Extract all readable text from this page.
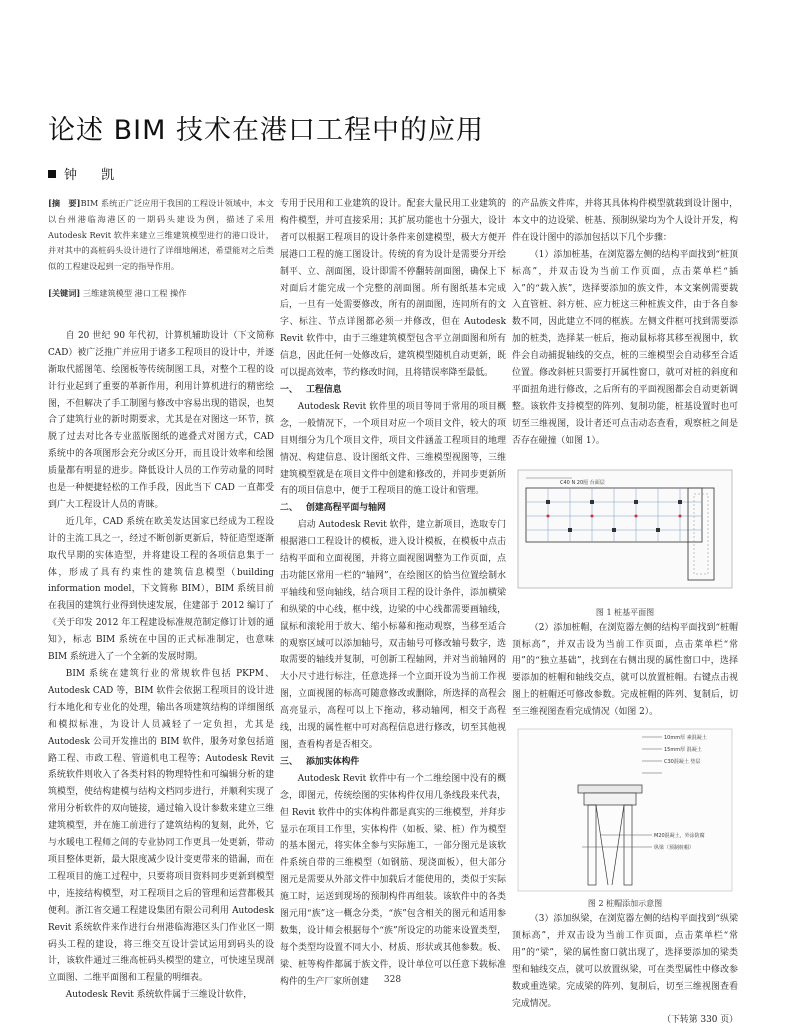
论述 BIM 技术在港口工程中的应用
钟 凯

[摘　要]BIM 系统正广泛应用于我国的工程设计领域中，本文以台州港临海港区的一期码头建设为例，描述了采用 Autodesk Revit 软件来建立三维建筑模型进行的港口设计，并对其中的高桩码头设计进行了详细地阐述，希望能对之后类似的工程建设起到一定的指导作用。

[关键词] 三维建筑模型 港口工程 操作

自 20 世纪 90 年代初，计算机辅助设计（下文简称 CAD）被广泛推广并应用于诸多工程项目的设计中，并逐渐取代摇图笔、绘图板等传统制图工具，对整个工程的设计行业起到了重要的革新作用，利用计算机进行的精密绘图，不但解决了手工制图与修改中容易出现的错误，也契合了建筑行业的新时期要求，尤其是在对图这一环节，摈脱了过去对比各专业蓝版图纸的遮叠式对图方式，CAD 系统中的各项图形会充分或区分开，而且设计效率和绘图质量都有明显的进步。降低设计人员的工作劳动量的同时也是一种便捷轻松的工作手段，因此当下 CAD 一直都受到广大工程设计人员的青睐。

近几年，CAD 系统在欧美发达国家已经成为工程设计的主流工具之一，经过不断创新更新后，特征造型逐渐取代早期的实体造型，并将建设工程的各项信息集于一体，形成了具有约束性的建筑信息模型（building information model，下文简称 BIM），BIM 系统目前在我国的建筑行业得到快速发展，住建部于 2012 编订了《关于印发 2012 年工程建设标准规范制定修订计划的通知》，标志 BIM 系统在中国的正式标准制定，也意味 BIM 系统进入了一个全新的发展时期。

BIM 系统在建筑行业的常规软件包括 PKPM、Autodesk CAD 等，BIM 软件会依据工程项目的设计进行本地化和专业化的处理，输出各项建筑结构的详细图纸和模拟标准，为设计人员减轻了一定负担，尤其是 Autodesk 公司开发推出的 BIM 软件，服务对象包括道路工程、市政工程、管道机电工程等；Autodesk Revit 系统软件则收入了各类村料的物理特性和可编辑分析的建筑模型，使结构建模与结构文档同步进行，并顺利实现了常用分析软件的双向链接，通过输入设计参数来建立三维建筑模型，并在施工前进行了建筑结构的复刻，此外，它与水暖电工程师之间的专业协同工作更具一处更新，带动项目整体更新，最大限度减少设计变更带来的错漏，而在工程项目的施工过程中，只要将项目资料同步更新到模型中，连接结构模型，对工程项目之后的管理和运营都极其便利。浙江省交通工程建设集团有限公司利用 Autodesk Revit 系统软件来作进行台州港临海港区头门作业区一期码头工程的建设，将三维交互设计尝试运用到码头的设计，该软件通过三维高桩码头模型的建立，可快速呈现剖立面图、二维平面图和工程量的明细表。

Autodesk Revit 系统软件属于三维设计软件，

专用于民用和工业建筑的设计。配套大量民用工业建筑的构件模型，并可直接采用；其扩展功能也十分强大，设计者可以根据工程项目的设计条件来创建模型，极大方便开展港口工程的施工图设计。传统的育为设计是需要分开绘制平、立、剖面图，设计即需不停翻转剖面图，确保上下对面后才能完成一个完整的剖面图。所有图纸基本完成后，一旦有一处需要修改，所有的剖面图，连同所有的文字、标注、节点详图都必须一并修改，但在 Autodesk Revit 软件中，由于三维建筑模型包含平立剖面图和所有信息，因此任何一处修改后，建筑模型随机自动更新，既可以提高效率，节约修改时间，且将错误率降至最低。

一、 工程信息

Autodesk Revit 软件里的项目等同于常用的项目概念，一般情况下，一个项目对应一个项目文件，较大的项目则细分为几个项目文件，项目文件涵盖工程项目的地理情况、构建信息、设计图纸文件、三维模型视图等，三维建筑模型就是在项目文件中创建和修改的，并同步更新所有的项目信息中，便于工程项目的施工设计和管理。

二、 创建高程平面与轴网

启动 Autodesk Revit 软件，建立新项目，选取专门根据港口工程设计的模板，进入设计模板，在模板中点击结构平面和立面视图，并将立面视图调整为工作页面，点击功能区常用一栏的“轴网”，在绘图区的恰当位置绘制水平轴线和竖向轴线，结合项目工程的设计条件，添加横梁和纵梁的中心线，框中线，边梁的中心线都需要画轴线，鼠标和滚轮用于放大、缩小标幕和拖动观察，当移至适合的观察区域可以添加轴号，双击轴号可修改轴号数字，选取需要的轴线并复制，可创新工程轴网，并对当前轴网的大小尺寸进行标注，任意选择一个立面开设为当前工作视图，立面视图的标高可随意修改或删除，所选择的高程会高亮显示，高程可以上下拖动，移动轴网，相交于高程线，出现的属性框中可对高程信息进行修改，切至其他视图，查看构者是否相交。

三、 添加实体构件

Autodesk Revit 软件中有一个二维绘图中没有的概念，即图元，传统绘图的实体构件仅用几条线段来代表，但 Revit 软件中的实体构件都是真实的三维模型，并拜步显示在项目工作里，实体构件（如板、梁、桩）作为模型的基本图元，将实体全参与实际施工，一部分图元是该软件系统自带的三维模型（如钢筋、现浇面板），但大部分图元是需要从外部文件中加载后才能使用的，类似于实际施工时，运送到现场的预制构件再组装。该软件中的各类图元用“族”这一概念分类，“族”包含相关的图元和适用参数集，设计师会根据每个“族”所设定的功能来设置类型，每个类型均设置不同大小、材质、形状或其他参数。板、梁、桩等构件都属于族文件，设计单位可以任意下载标准构件的生产厂家所创建

的产品族文件库，并将其具体构件模型就载到设计图中，本文中的边设梁、桩基、预制纵梁均为个人设计开发，构件在设计图中的添加包括以下几个步骤：

（1）添加桩基，在浏览器左侧的结构平面找到“桩顶标高”，并双击设为当前工作页面，点击菜单栏“插入”的“载入族”，选择要添加的族文件，本文案例需要载入直管桩、斜方桩、应力桩这三种桩族文件，由于各自参数不同，因此建立不同的框族。左侧文件框可找到需要添加的桩类，选择某一桩后，拖动鼠标将其移至视图中，软件会自动捕捉轴线的交点，桩的三维模型会自动移至合适位置。修改斜桩只需要打开属性窗口，就可对桩的斜度和平面扭角进行修改，之后所有的平面视图都会自动更新调整。该软件支持模型的阵列、复制功能，桩基设置时也可切至三维视图，设计者还可点击动态查看，观察桩之间是否存在碰撞（如图 1）。

C40 N 20厘 台面层

图 1 桩基平面图

（2）添加桩帽，在浏览器左侧的结构平面找到“桩帽顶标高”，并双击设为当前工作页面，点击菜单栏“常用”的“独立基础”，找到在右侧出现的属性窗口中，选择要添加的桩帽和轴线交点，就可以放置桩帽。右键点击视图上的桩帽还可修改参数。完成桩帽的阵列、复制后，切至三维视图查看完成情况（如图 2）。

10mm厚 素混凝土
15mm厚 混凝土
C30混凝土 垫层
M20混凝土，外涂防腐
纵梁（预制桩帽）

图 2 桩帽添加示意图

（3）添加纵梁，在浏览器左侧的结构平面找到“纵梁顶标高”，并双击设为当前工作页面，点击菜单栏“常用”的“梁”，梁的属性窗口就出现了，选择要添加的梁类型和轴线交点，就可以放置纵梁，可在类型属性中修改参数或重选梁。完成梁的阵列、复制后，切至三维视图查看完成情况。

（下转第 330 页）

328
